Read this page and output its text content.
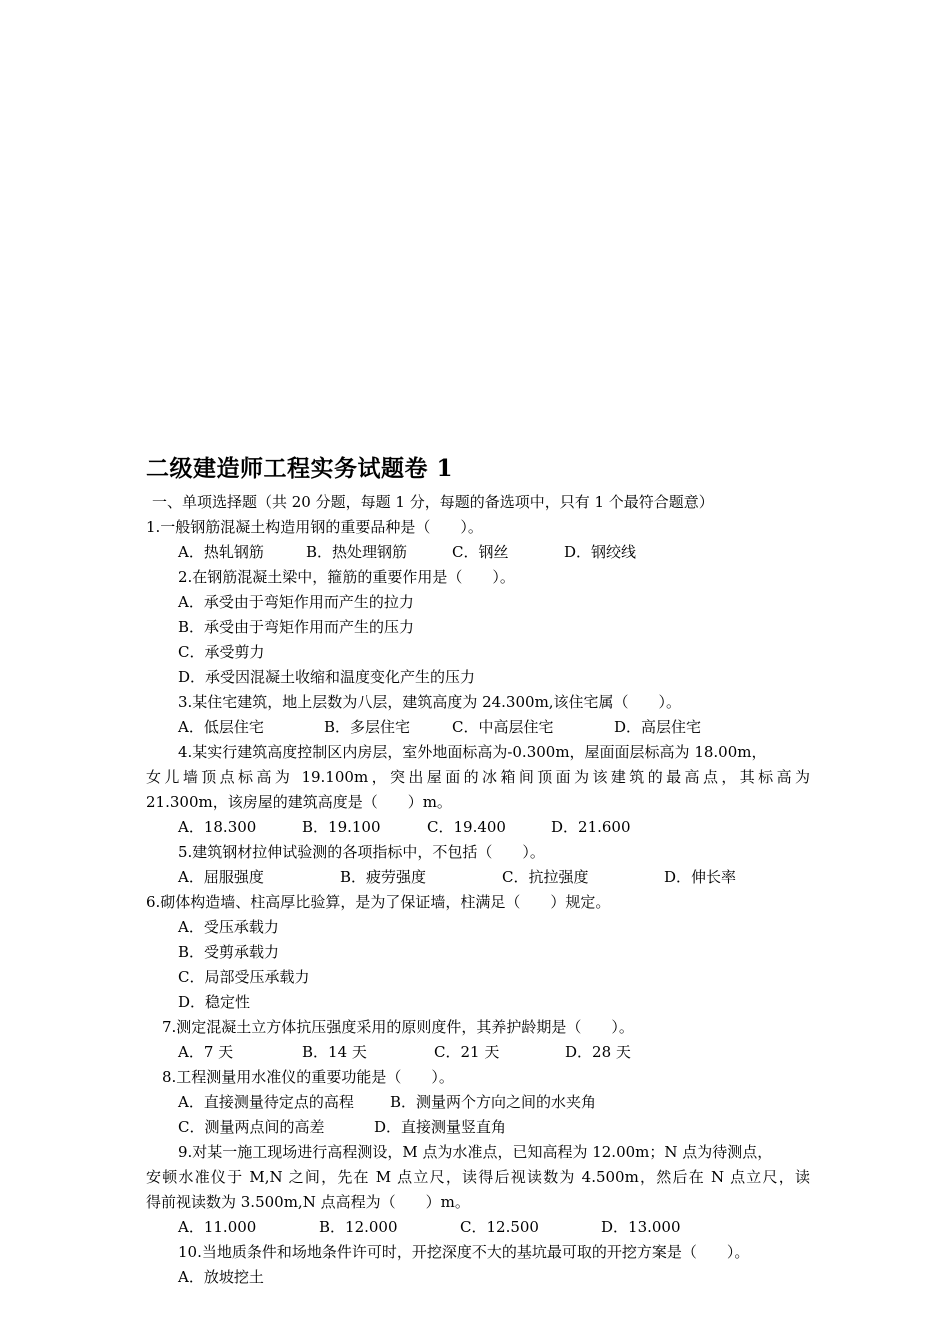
二级建造师工程实务试题卷 1
一、单项选择题（共 20 分题，每题 1 分，每题的备选项中，只有 1 个最符合题意）
1.一般钢筋混凝土构造用钢的重要品种是（　　）。
A．热轧钢筋	B．热处理钢筋	C．钢丝	D．钢绞线
2.在钢筋混凝土梁中，箍筋的重要作用是（　　）。
A．承受由于弯矩作用而产生的拉力
B．承受由于弯矩作用而产生的压力
C．承受剪力
D．承受因混凝土收缩和温度变化产生的压力
3.某住宅建筑，地上层数为八层，建筑高度为 24.300m,该住宅属（　　）。
A．低层住宅	B．多层住宅	C．中高层住宅	D．高层住宅
4.某实行建筑高度控制区内房层，室外地面标高为-0.300m，屋面面层标高为 18.00m，
女儿墙顶点标高为 19.100m，突出屋面的冰箱间顶面为该建筑的最高点，其标高为
21.300m，该房屋的建筑高度是（　　）m。
A．18.300	B．19.100	C．19.400	D．21.600
5.建筑钢材拉伸试验测的各项指标中，不包括（　　）。
A．屈服强度	B．疲劳强度	C．抗拉强度	D．伸长率
6.砌体构造墙、柱高厚比验算，是为了保证墙，柱满足（　　）规定。
A．受压承载力
B．受剪承载力
C．局部受压承载力
D．稳定性
7.测定混凝土立方体抗压强度采用的原则度件，其养护龄期是（　　）。
A．7 天	B．14 天	C．21 天	D．28 天
8.工程测量用水准仪的重要功能是（　　）。
A．直接测量待定点的高程 B．测量两个方向之间的水夹角
C．测量两点间的高差	D．直接测量竖直角
9.对某一施工现场进行高程测设，M 点为水准点，已知高程为 12.00m；N 点为待测点，
安顿水准仪于 M,N 之间，先在 M 点立尺，读得后视读数为 4.500m，然后在 N 点立尺，读
得前视读数为 3.500m,N 点高程为（　　）m。
A．11.000	B．12.000	C．12.500	D．13.000
10.当地质条件和场地条件许可时，开挖深度不大的基坑最可取的开挖方案是（　　）。
A．放坡挖土
